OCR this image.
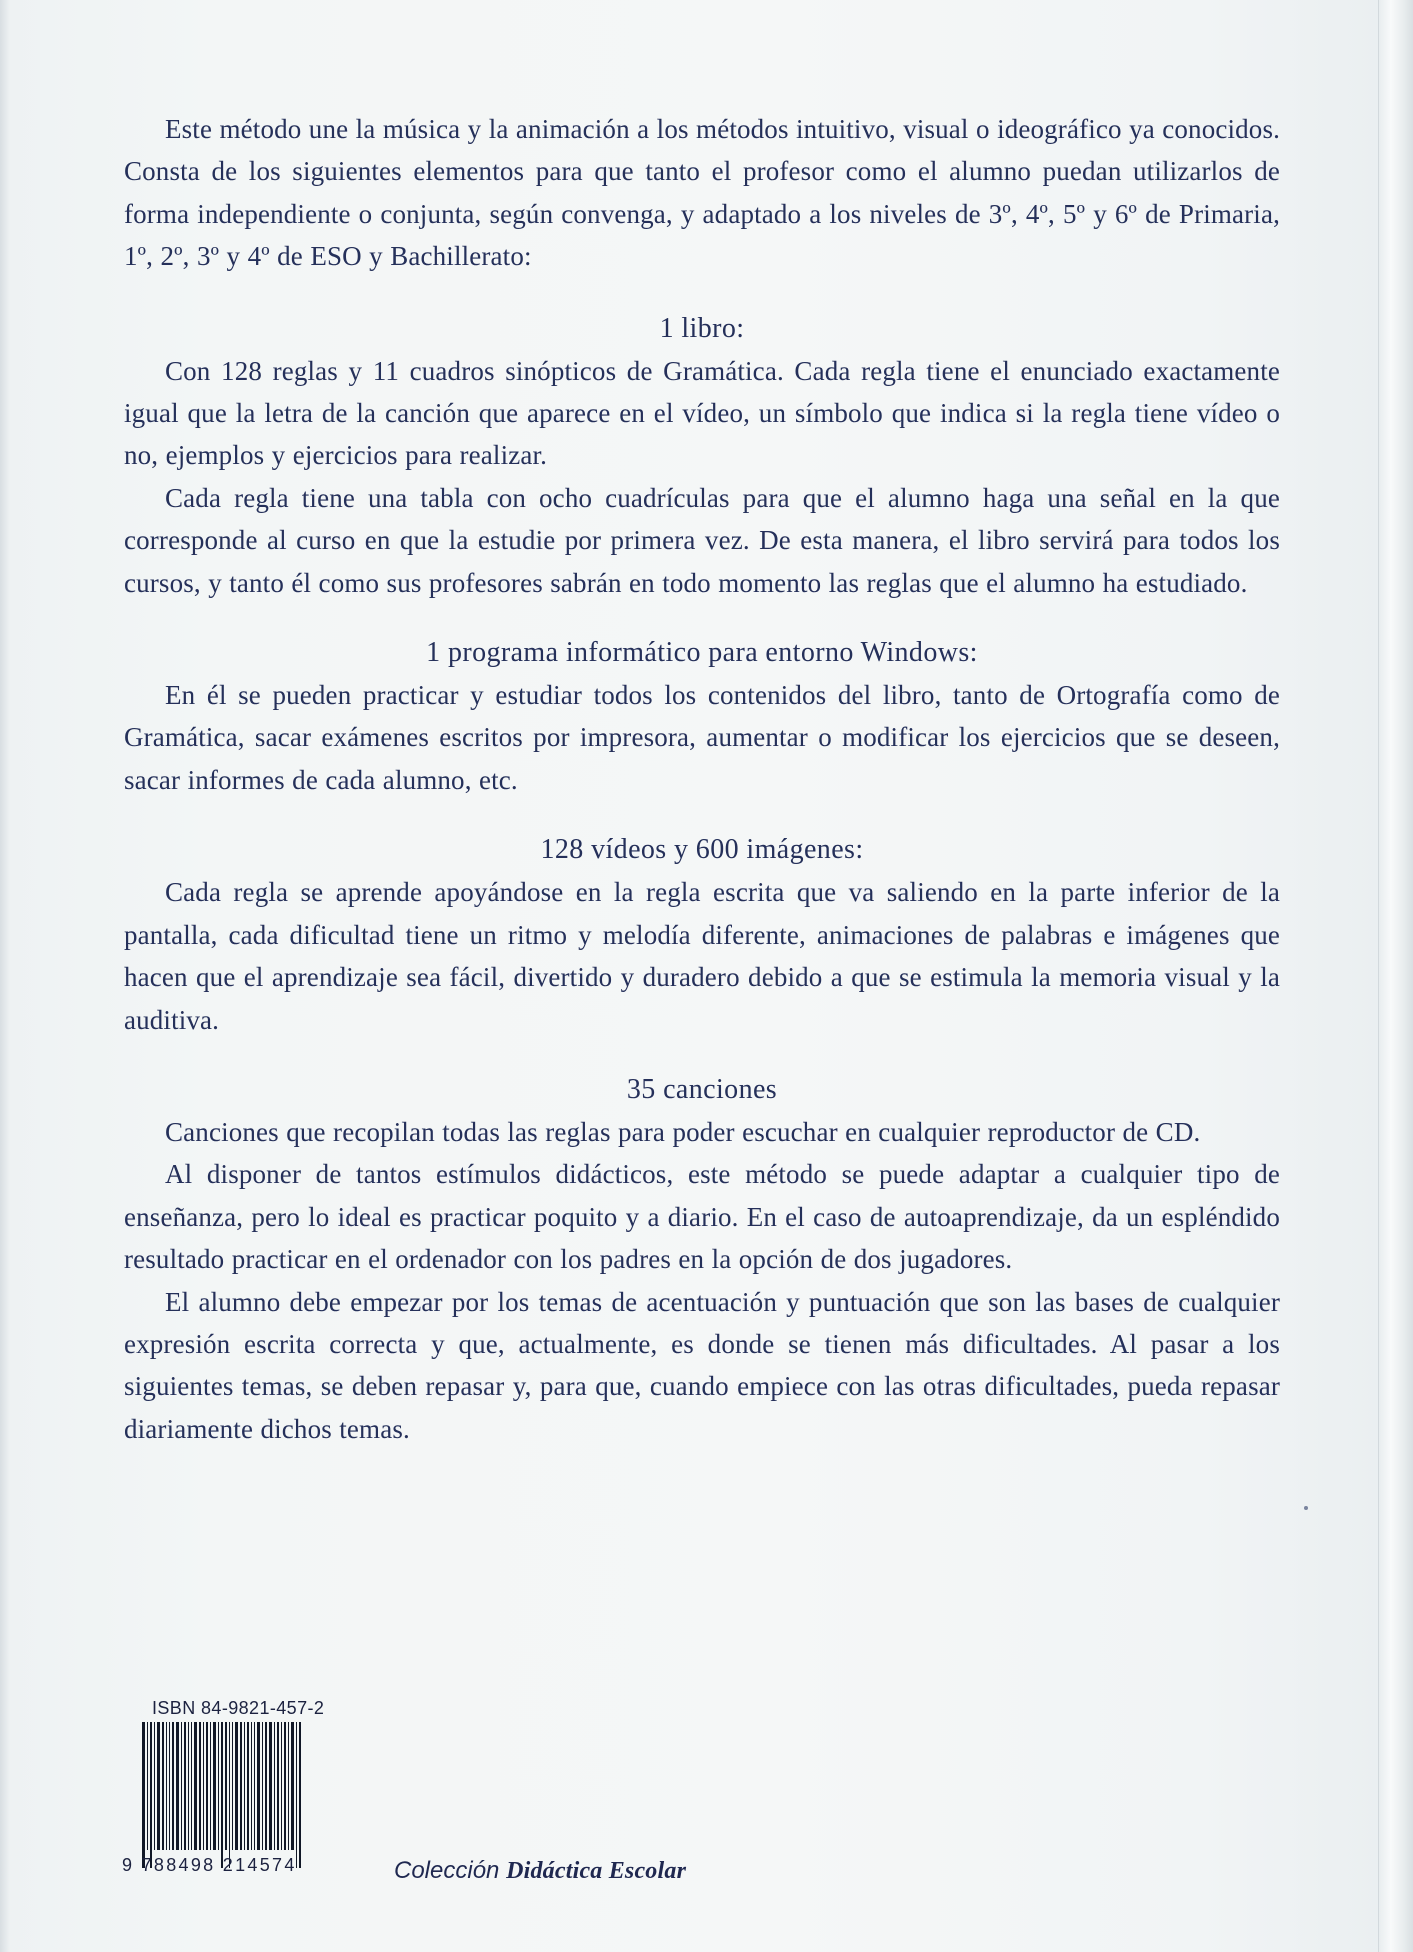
Este método une la música y la animación a los métodos intuitivo, visual o ideográfico ya conocidos. Consta de los siguientes elementos para que tanto el profesor como el alumno puedan utilizarlos de forma independiente o conjunta, según convenga, y adaptado a los niveles de 3º, 4º, 5º y 6º de Primaria, 1º, 2º, 3º y 4º de ESO y Bachillerato:

1 libro:

Con 128 reglas y 11 cuadros sinópticos de Gramática. Cada regla tiene el enunciado exactamente igual que la letra de la canción que aparece en el vídeo, un símbolo que indica si la regla tiene vídeo o no, ejemplos y ejercicios para realizar.

Cada regla tiene una tabla con ocho cuadrículas para que el alumno haga una señal en la que corresponde al curso en que la estudie por primera vez. De esta manera, el libro servirá para todos los cursos, y tanto él como sus profesores sabrán en todo momento las reglas que el alumno ha estudiado.

1 programa informático para entorno Windows:

En él se pueden practicar y estudiar todos los contenidos del libro, tanto de Ortografía como de Gramática, sacar exámenes escritos por impresora, aumentar o modificar los ejercicios que se deseen, sacar informes de cada alumno, etc.

128 vídeos y 600 imágenes:

Cada regla se aprende apoyándose en la regla escrita que va saliendo en la parte inferior de la pantalla, cada dificultad tiene un ritmo y melodía diferente, animaciones de palabras e imágenes que hacen que el aprendizaje sea fácil, divertido y duradero debido a que se estimula la memoria visual y la auditiva.

35 canciones

Canciones que recopilan todas las reglas para poder escuchar en cualquier reproductor de CD.

Al disponer de tantos estímulos didácticos, este método se puede adaptar a cualquier tipo de enseñanza, pero lo ideal es practicar poquito y a diario. En el caso de autoaprendizaje, da un espléndido resultado practicar en el ordenador con los padres en la opción de dos jugadores.

El alumno debe empezar por los temas de acentuación y puntuación que son las bases de cualquier expresión escrita correcta y que, actualmente, es donde se tienen más dificultades. Al pasar a los siguientes temas, se deben repasar y, para que, cuando empiece con las otras dificultades, pueda repasar diariamente dichos temas.

ISBN 84-9821-457-2
9 788498 214574	Colección Didáctica Escolar
